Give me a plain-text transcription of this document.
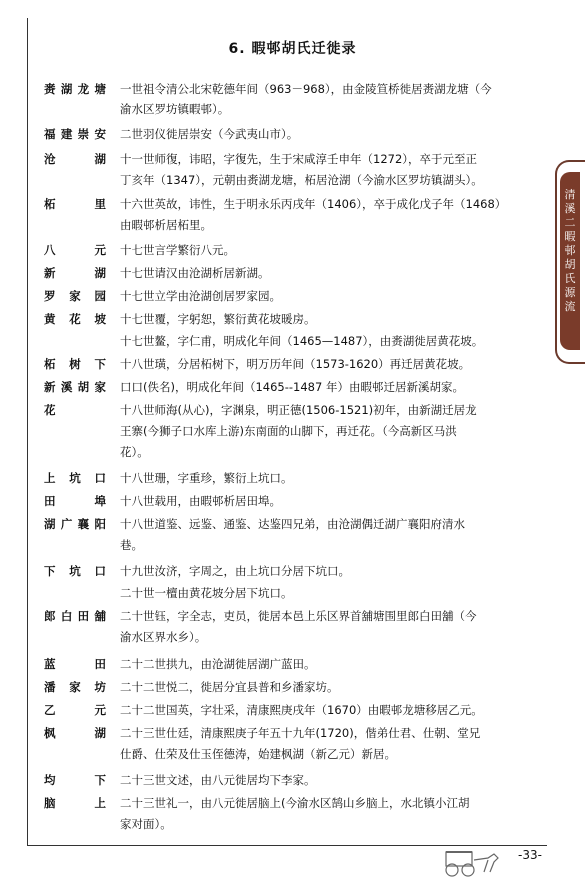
6. 暇邨胡氏迁徙录
清溪二暇邨胡氏源流
赉湖龙塘 一世祖令清公北宋乾德年间（963－968），由金陵笪桥徙居赉湖龙塘（今
渝水区罗坊镇暇邨）。
福建崇安 二世羽仪徙居崇安（今武夷山市）。
沧　湖 十一世师復，讳昭，字復先，生于宋咸淳壬申年（1272），卒于元至正
丁亥年（1347），元朝由赉湖龙塘，柘居沧湖（今渝水区罗坊镇湖头）。
柘　里 十六世英故，讳性，生于明永乐丙戌年（1406），卒于成化戊子年（1468）
由暇邨析居柘里。
八　元 十七世言学繁衍八元。
新　湖 十七世请汉由沧湖析居新湖。
罗家园 十七世立学由沧湖创居罗家园。
黄花坡 十七世覆，字躬恕，繁衍黄花坡暖房。
十七世鳌，字仁甫，明成化年间（1465—1487），由赉湖徙居黄花坡。
柘树下 十八世璜，分居柘树下，明万历年间（1573-1620）再迁居黄花坡。
新溪胡家 口口(佚名)，明成化年间（1465--1487 年）由暇邨迁居新溪胡家。
花　	十八世师海(从心)，字渊泉，明正德(1506-1521)初年，由新湖迁居龙
王寨(今狮子口水库上游)东南面的山脚下，再迁花。（今高新区马洪
花）。
上坑口 十八世珊，字重珍，繁衍上坑口。
田　埠 十八世载用，由暇邨析居田埠。
湖广襄阳 十八世道鉴、远鉴、通鉴、达鉴四兄弟，由沧湖偶迁湖广襄阳府清水
巷。
下坑口 十九世汝济，字周之，由上坑口分居下坑口。
二十世一檀由黄花坡分居下坑口。
郎白田舖 二十世钰，字全志，吏员，徙居本邑上乐区界首舖塘围里郎白田舖（今
渝水区界水乡）。
蓝　田 二十二世拱九，由沧湖徙居湖广蓝田。
潘家坊 二十二世悦二，徙居分宜县普和乡潘家坊。
乙　元 二十二世国英，字壮采，清康熙庚戌年（1670）由暇邨龙塘移居乙元。
枫　湖 二十三世仕廷，清康熙庚子年五十九年(1720)，偕弟仕君、仕朝、堂兄
仕爵、仕荣及仕玉侄德涛，始建枫湖（新乙元）新居。
均　下 二十三世文述，由八元徙居均下李家。
脑　上 二十三世礼一，由八元徙居脑上(今渝水区鹄山乡脑上，水北镇小江胡
家对面）。
-33-
